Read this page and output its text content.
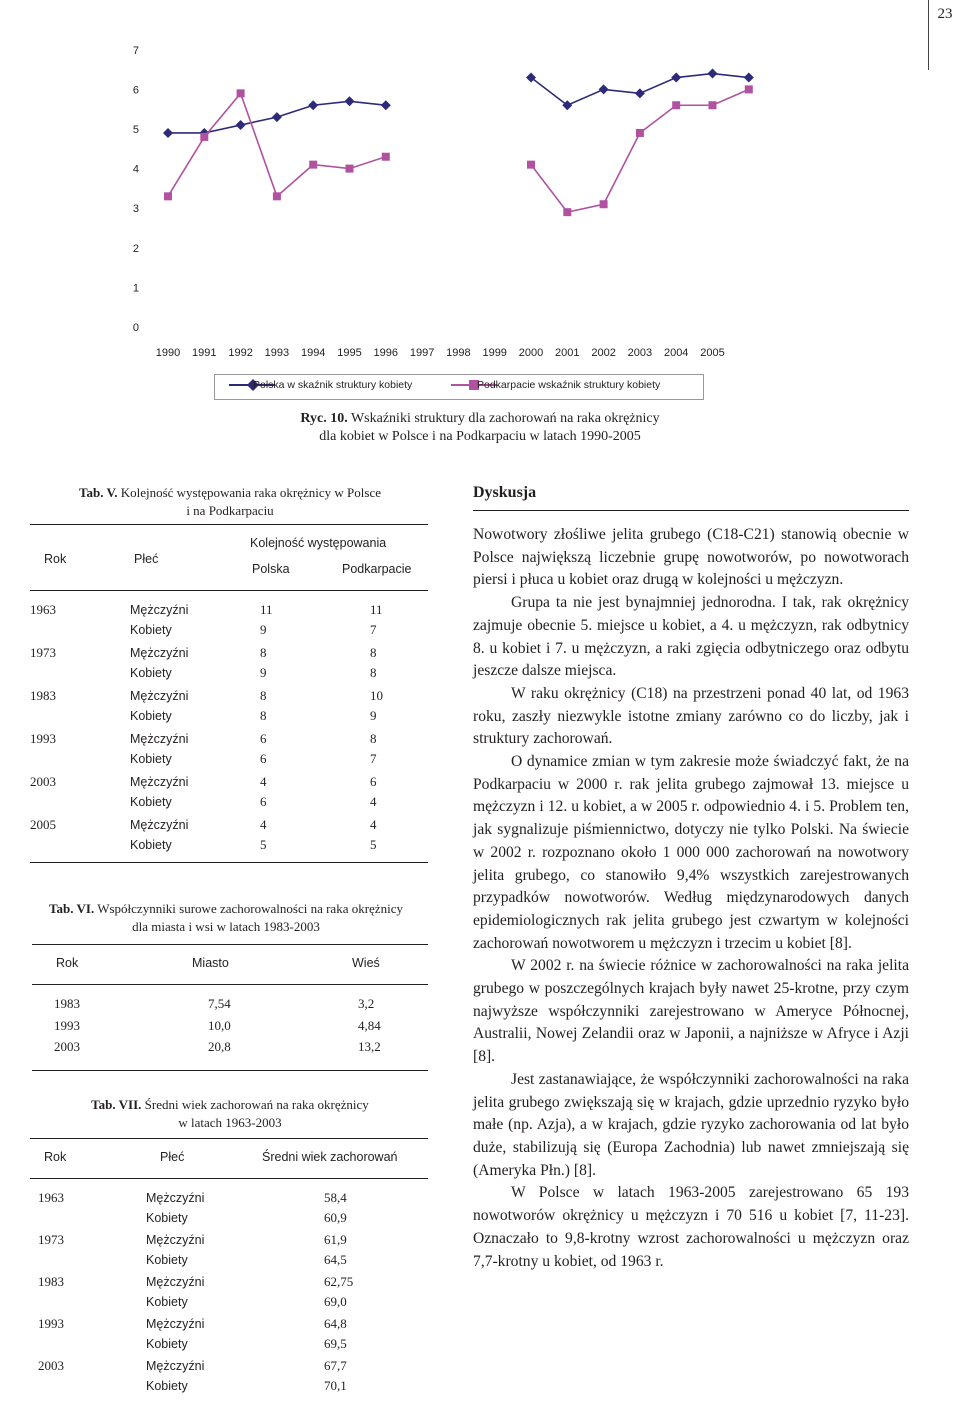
23
0
1
2
3
4
5
6
7
1990 1991 1992 1993 1994 1995 1996 1997 1998 1999 2000 2001 2002 2003 2004 2005
Polska w skaźnik struktury kobiety	Podkarpacie wskaźnik struktury kobiety
Ryc. 10. Wskaźniki struktury dla zachorowań na raka okrężnicy
dla kobiet w Polsce i na Podkarpaciu w latach 1990-2005
Tab. V. Kolejność występowania raka okrężnicy w Polsce
i na Podkarpaciu
Rok	Płeć
Kolejność występowania
Polska	Podkarpacie
1963	Mężczyźni	11	11
Kobiety	9	7
1973	Mężczyźni	8	8
Kobiety	9	8
1983	Mężczyźni	8	10
Kobiety	8	9
1993	Mężczyźni	6	8
Kobiety	6	7
2003	Mężczyźni	4	6
Kobiety	6	4
2005	Mężczyźni	4	4
Kobiety	5	5
Tab. VI. Współczynniki surowe zachorowalności na raka okrężnicy
dla miasta i wsi w latach 1983-2003
Rok	Miasto	Wieś
1983	7,54	3,2
1993	10,0	4,84
2003	20,8	13,2
Tab. VII. Średni wiek zachorowań na raka okrężnicy
w latach 1963-2003
Rok	Płeć	Średni wiek zachorowań
1963	Mężczyźni	58,4
Kobiety	60,9
1973	Mężczyźni	61,9
Kobiety	64,5
1983	Mężczyźni	62,75
Kobiety	69,0
1993	Mężczyźni	64,8
Kobiety	69,5
2003	Mężczyźni	67,7
Kobiety	70,1
Dyskusja

Nowotwory złośliwe jelita grubego (C18-C21) stanowią obecnie w Polsce największą liczebnie grupę nowotworów, po nowotworach piersi i płuca u kobiet oraz drugą w kolejności u mężczyzn.

Grupa ta nie jest bynajmniej jednorodna. I tak, rak okrężnicy zajmuje obecnie 5. miejsce u kobiet, a 4. u mężczyzn, rak odbytnicy 8. u kobiet i 7. u mężczyzn, a raki zgięcia odbytniczego oraz odbytu jeszcze dalsze miejsca.

W raku okrężnicy (C18) na przestrzeni ponad 40 lat, od 1963 roku, zaszły niezwykle istotne zmiany zarówno co do liczby, jak i struktury zachorowań.

O dynamice zmian w tym zakresie może świadczyć fakt, że na Podkarpaciu w 2000 r. rak jelita grubego zajmował 13. miejsce u mężczyzn i 12. u kobiet, a w 2005 r. odpowiednio 4. i 5. Problem ten, jak sygnalizuje piśmiennictwo, dotyczy nie tylko Polski. Na świecie w 2002 r. rozpoznano około 1 000 000 zachorowań na nowotwory jelita grubego, co stanowiło 9,4% wszystkich zarejestrowanych przypadków nowotworów. Według międzynarodowych danych epidemiologicznych rak jelita grubego jest czwartym w kolejności zachorowań nowotworem u mężczyzn i trzecim u kobiet [8].

W 2002 r. na świecie różnice w zachorowalności na raka jelita grubego w poszczególnych krajach były nawet 25-krotne, przy czym najwyższe współczynniki zarejestrowano w Ameryce Północnej, Australii, Nowej Zelandii oraz w Japonii, a najniższe w Afryce i Azji [8].

Jest zastanawiające, że współczynniki zachorowalności na raka jelita grubego zwiększają się w krajach, gdzie uprzednio ryzyko było małe (np. Azja), a w krajach, gdzie ryzyko zachorowania od lat było duże, stabilizują się (Europa Zachodnia) lub nawet zmniejszają się (Ameryka Płn.) [8].

W Polsce w latach 1963-2005 zarejestrowano 65 193 nowotworów okrężnicy u mężczyzn i 70 516 u kobiet [7, 11-23]. Oznaczało to 9,8-krotny wzrost zachorowalności u mężczyzn oraz 7,7-krotny u kobiet, od 1963 r.
